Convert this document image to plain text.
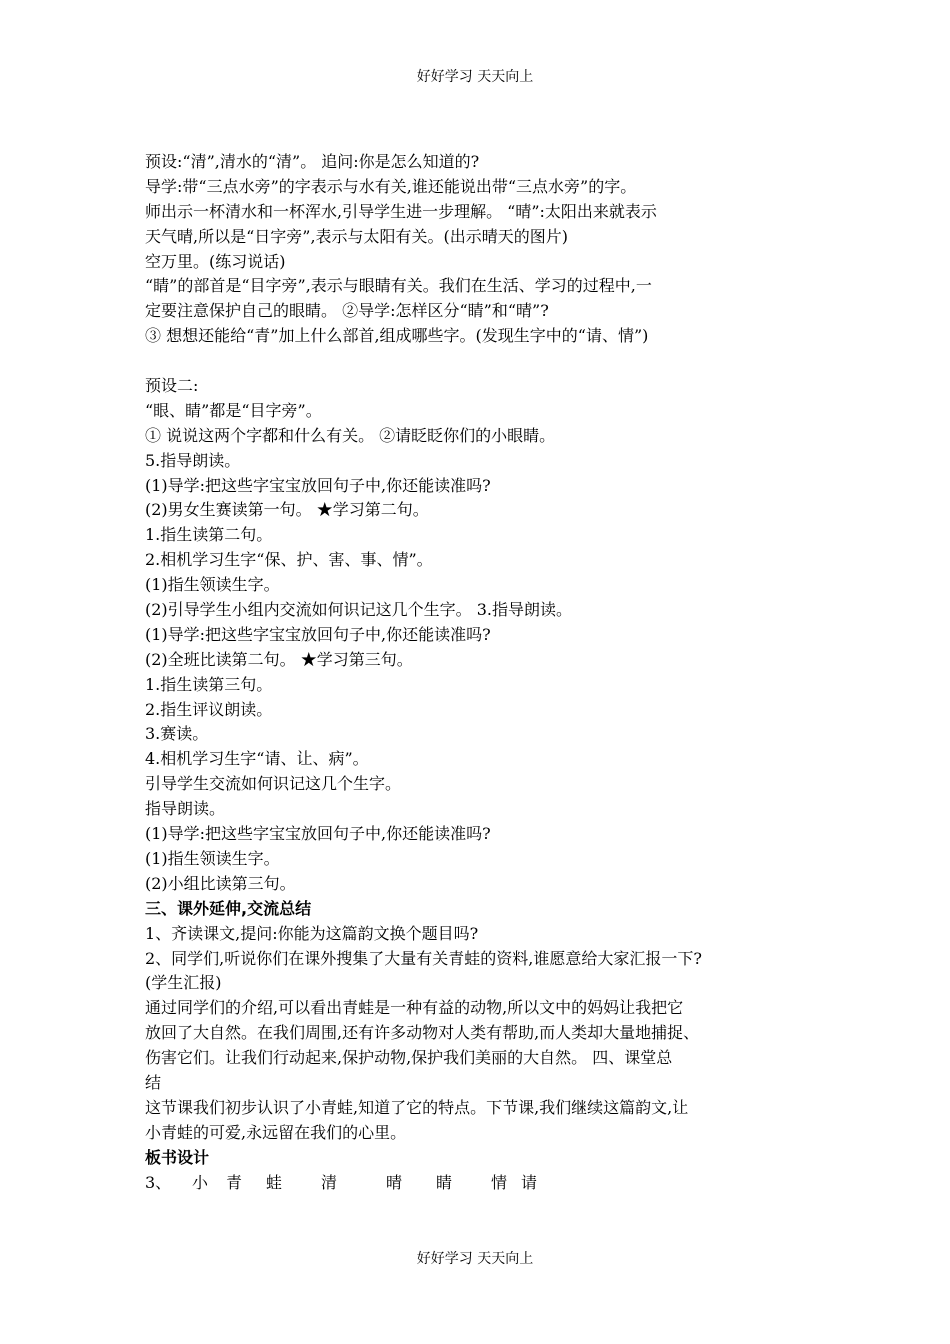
好好学习 天天向上
预设:“清”,清水的“清”。 追问:你是怎么知道的?
导学:带“三点水旁”的字表示与水有关,谁还能说出带“三点水旁”的字。
师出示一杯清水和一杯浑水,引导学生进一步理解。 “晴”:太阳出来就表示
天气晴,所以是“日字旁”,表示与太阳有关。(出示晴天的图片)
空万里。(练习说话)
“睛”的部首是“目字旁”,表示与眼睛有关。我们在生活、学习的过程中,一
定要注意保护自己的眼睛。 ②导学:怎样区分“睛”和“晴”?
③ 想想还能给“青”加上什么部首,组成哪些字。(发现生字中的“请、情”)
预设二:
“眼、睛”都是“目字旁”。
① 说说这两个字都和什么有关。 ②请眨眨你们的小眼睛。
5.指导朗读。
(1)导学:把这些字宝宝放回句子中,你还能读准吗?
(2)男女生赛读第一句。 ★学习第二句。
1.指生读第二句。
2.相机学习生字“保、护、害、事、情”。
(1)指生领读生字。
(2)引导学生小组内交流如何识记这几个生字。 3.指导朗读。
(1)导学:把这些字宝宝放回句子中,你还能读准吗?
(2)全班比读第二句。 ★学习第三句。
1.指生读第三句。
2.指生评议朗读。
3.赛读。
4.相机学习生字“请、让、病”。
引导学生交流如何识记这几个生字。
指导朗读。
(1)导学:把这些字宝宝放回句子中,你还能读准吗?
(1)指生领读生字。
(2)小组比读第三句。
三、课外延伸,交流总结
1、齐读课文,提问:你能为这篇韵文换个题目吗?
2、同学们,听说你们在课外搜集了大量有关青蛙的资料,谁愿意给大家汇报一下?
(学生汇报)
通过同学们的介绍,可以看出青蛙是一种有益的动物,所以文中的妈妈让我把它
放回了大自然。在我们周围,还有许多动物对人类有帮助,而人类却大量地捕捉、
伤害它们。让我们行动起来,保护动物,保护我们美丽的大自然。 四、课堂总
结
这节课我们初步认识了小青蛙,知道了它的特点。下节课,我们继续这篇韵文,让
小青蛙的可爱,永远留在我们的心里。
板书设计
3、 小 青 蛙 清	晴 睛 情 请
好好学习 天天向上
